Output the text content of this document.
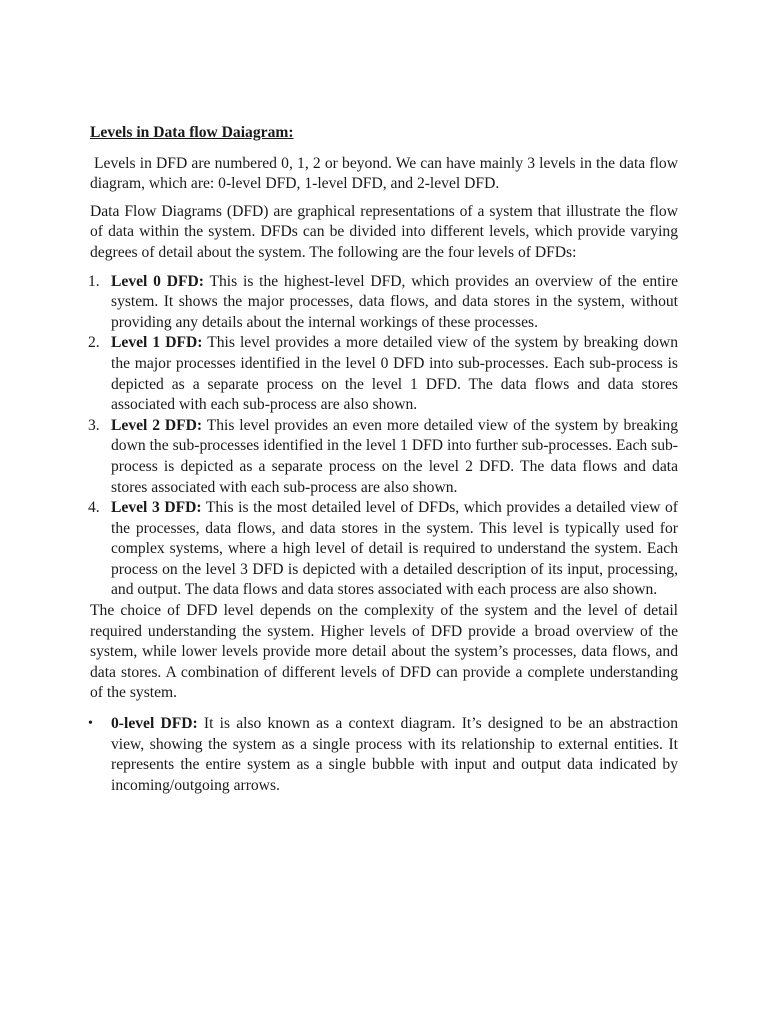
Levels in Data flow Daiagram:

Levels in DFD are numbered 0, 1, 2 or beyond. We can have mainly 3 levels in the data flow diagram, which are: 0-level DFD, 1-level DFD, and 2-level DFD.

Data Flow Diagrams (DFD) are graphical representations of a system that illustrate the flow of data within the system. DFDs can be divided into different levels, which provide varying degrees of detail about the system. The following are the four levels of DFDs:

1. Level 0 DFD: This is the highest-level DFD, which provides an overview of the entire system. It shows the major processes, data flows, and data stores in the system, without providing any details about the internal workings of these processes.
2. Level 1 DFD: This level provides a more detailed view of the system by breaking down the major processes identified in the level 0 DFD into sub-processes. Each sub-process is depicted as a separate process on the level 1 DFD. The data flows and data stores associated with each sub-process are also shown.
3. Level 2 DFD: This level provides an even more detailed view of the system by breaking down the sub-processes identified in the level 1 DFD into further sub-processes. Each sub-process is depicted as a separate process on the level 2 DFD. The data flows and data stores associated with each sub-process are also shown.
4. Level 3 DFD: This is the most detailed level of DFDs, which provides a detailed view of the processes, data flows, and data stores in the system. This level is typically used for complex systems, where a high level of detail is required to understand the system. Each process on the level 3 DFD is depicted with a detailed description of its input, processing, and output. The data flows and data stores associated with each process are also shown.

The choice of DFD level depends on the complexity of the system and the level of detail required understanding the system. Higher levels of DFD provide a broad overview of the system, while lower levels provide more detail about the system’s processes, data flows, and data stores. A combination of different levels of DFD can provide a complete understanding of the system.

• 0-level DFD: It is also known as a context diagram. It’s designed to be an abstraction view, showing the system as a single process with its relationship to external entities. It represents the entire system as a single bubble with input and output data indicated by incoming/outgoing arrows.
